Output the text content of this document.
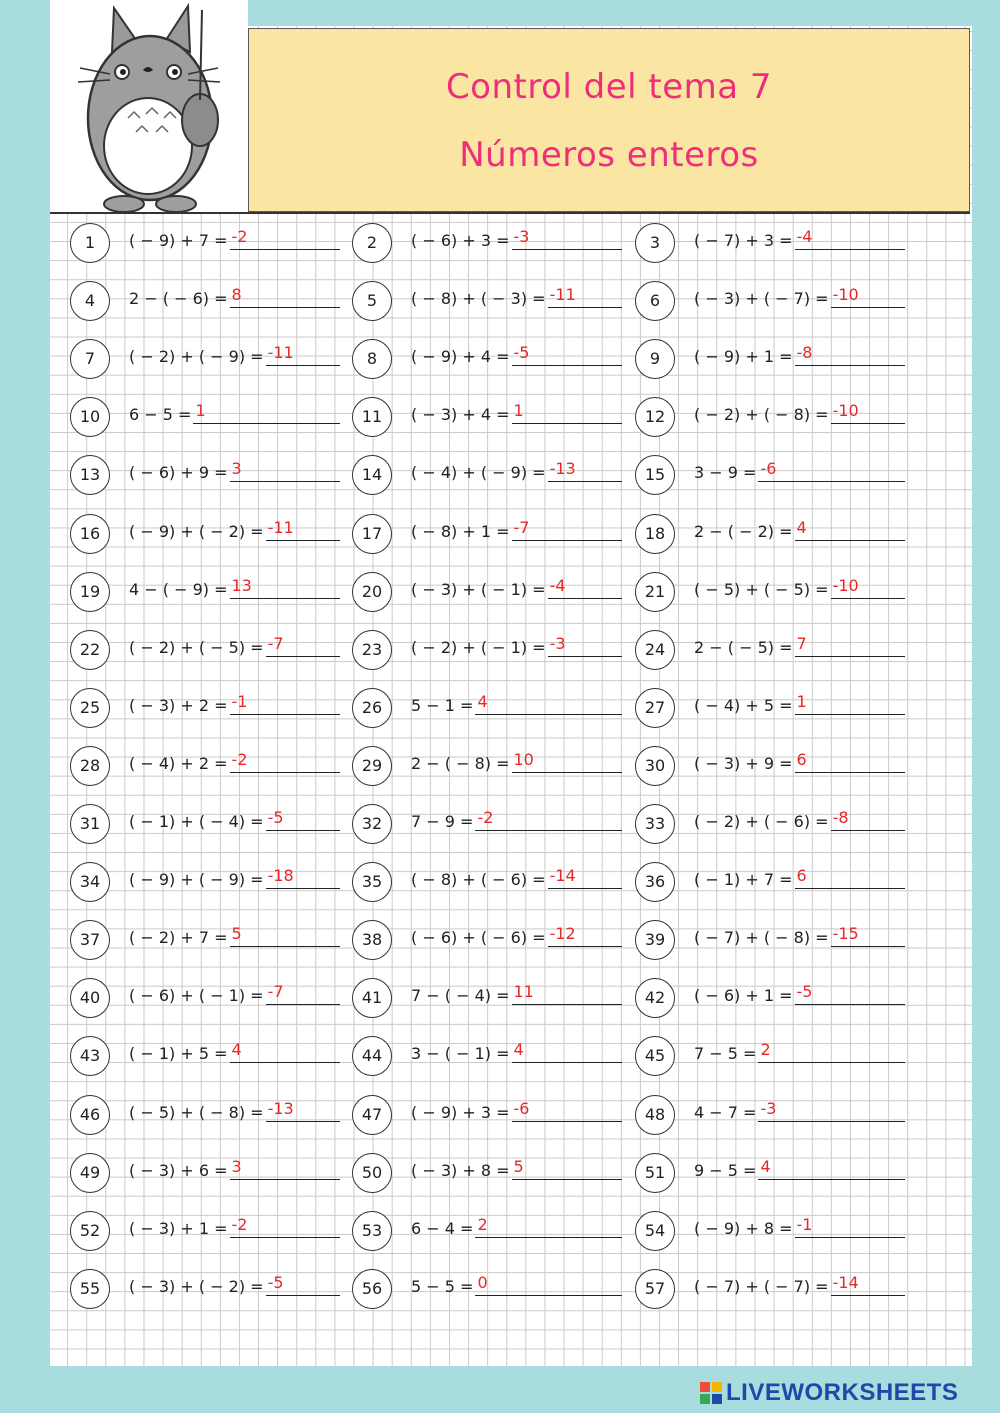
Control del tema 7
Números enteros
1	( − 9) + 7 = -2	2	( − 6) + 3 = -3	3	( − 7) + 3 = -4
4	2 − ( − 6) = 8	5	( − 8) + ( − 3) = -11	6	( − 3) + ( − 7) = -10
7	( − 2) + ( − 9) = -11	8	( − 9) + 4 = -5	9	( − 9) + 1 = -8
10	6 − 5 = 1	11	( − 3) + 4 = 1	12	( − 2) + ( − 8) = -10
13	( − 6) + 9 = 3	14	( − 4) + ( − 9) = -13	15	3 − 9 = -6
16	( − 9) + ( − 2) = -11	17	( − 8) + 1 = -7	18	2 − ( − 2) = 4
19	4 − ( − 9) = 13	20	( − 3) + ( − 1) = -4	21	( − 5) + ( − 5) = -10
22	( − 2) + ( − 5) = -7	23	( − 2) + ( − 1) = -3	24	2 − ( − 5) = 7
25	( − 3) + 2 = -1	26	5 − 1 = 4	27	( − 4) + 5 = 1
28	( − 4) + 2 = -2	29	2 − ( − 8) = 10	30	( − 3) + 9 = 6
31	( − 1) + ( − 4) = -5	32	7 − 9 = -2	33	( − 2) + ( − 6) = -8
34	( − 9) + ( − 9) = -18	35	( − 8) + ( − 6) = -14	36	( − 1) + 7 = 6
37	( − 2) + 7 = 5	38	( − 6) + ( − 6) = -12	39	( − 7) + ( − 8) = -15
40	( − 6) + ( − 1) = -7	41	7 − ( − 4) = 11	42	( − 6) + 1 = -5
43	( − 1) + 5 = 4	44	3 − ( − 1) = 4	45	7 − 5 = 2
46	( − 5) + ( − 8) = -13	47	( − 9) + 3 = -6	48	4 − 7 = -3
49	( − 3) + 6 = 3	50	( − 3) + 8 = 5	51	9 − 5 = 4
52	( − 3) + 1 = -2	53	6 − 4 = 2	54	( − 9) + 8 = -1
55	( − 3) + ( − 2) = -5	56	5 − 5 = 0	57	( − 7) + ( − 7) = -14
LIVEWORKSHEETS
